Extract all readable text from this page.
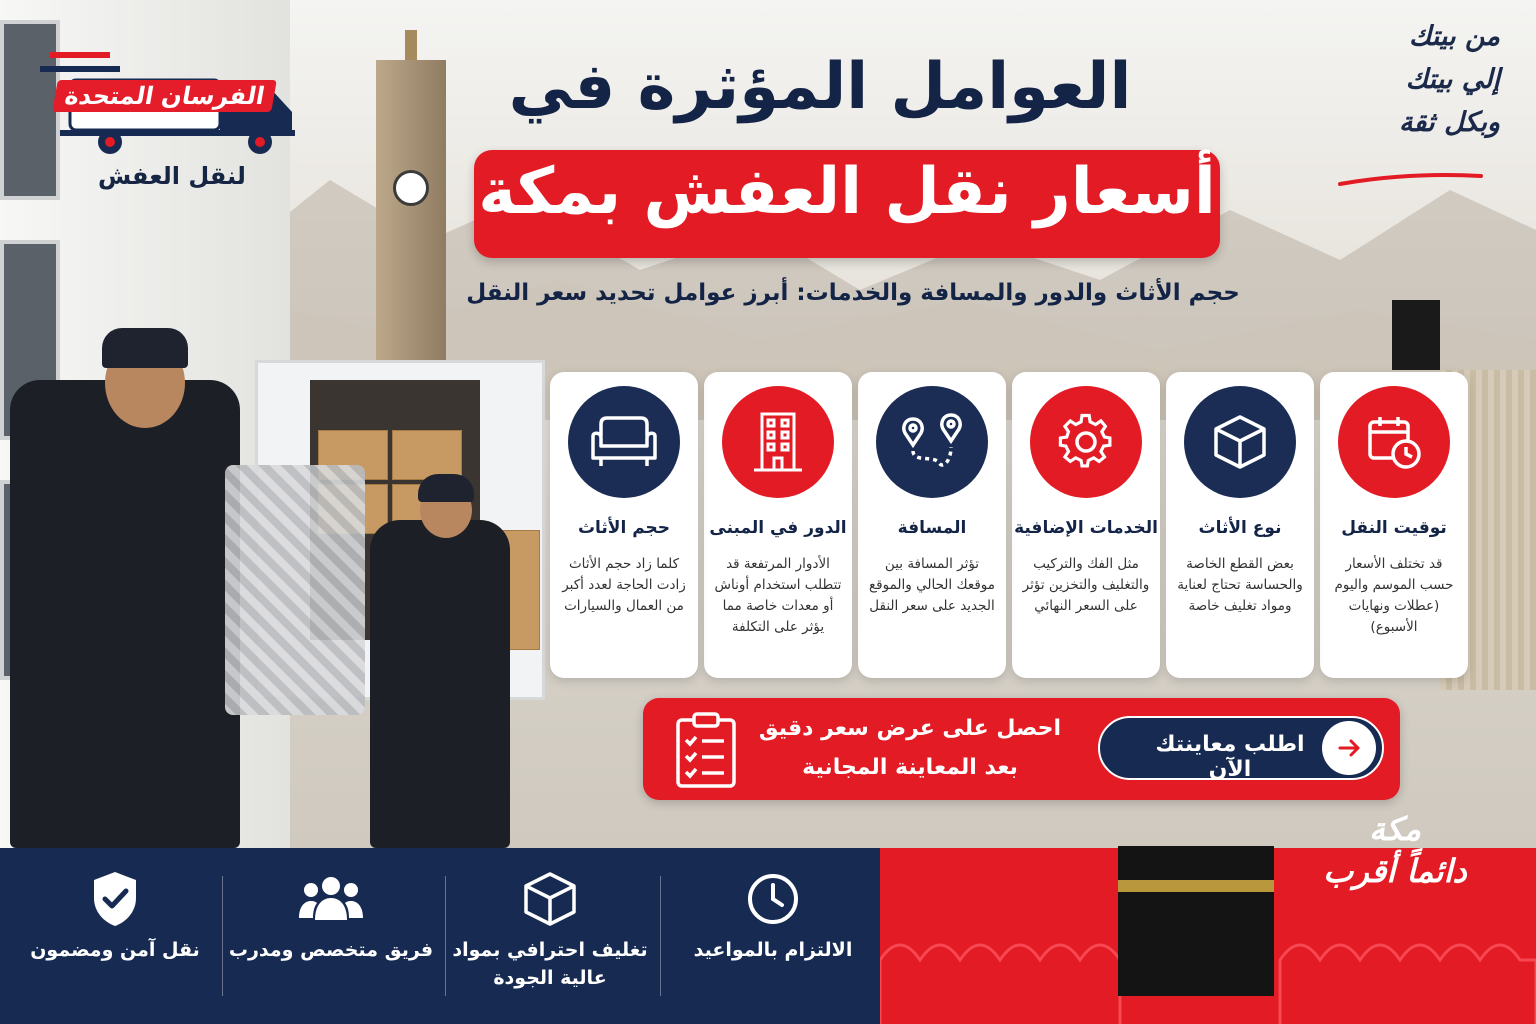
الفرسان المتحدة
لنقل العفش
من بيتك
إلي بيتك
وبكل ثقة
العوامل المؤثرة في
أسعار نقل العفش بمكة
حجم الأثاث والدور والمسافة والخدمات: أبرز عوامل تحديد سعر النقل
توقيت النقل
قد تختلف الأسعار حسب الموسم واليوم (عطلات ونهايات الأسبوع)
نوع الأثاث
بعض القطع الخاصة والحساسة تحتاج لعناية ومواد تغليف خاصة
الخدمات الإضافية
مثل الفك والتركيب والتغليف والتخزين تؤثر على السعر النهائي
المسافة
تؤثر المسافة بين موقعك الحالي والموقع الجديد على سعر النقل
الدور في المبنى
الأدوار المرتفعة قد تتطلب استخدام أوناش أو معدات خاصة مما يؤثر على التكلفة
حجم الأثاث
كلما زاد حجم الأثاث زادت الحاجة لعدد أكبر من العمال والسيارات
احصل على عرض سعر دقيق
بعد المعاينة المجانية
اطلب معاينتك الآن
مكة
دائماً أقرب
الالتزام بالمواعيد
تغليف احترافي بمواد عالية الجودة
فريق متخصص ومدرب
نقل آمن ومضمون
